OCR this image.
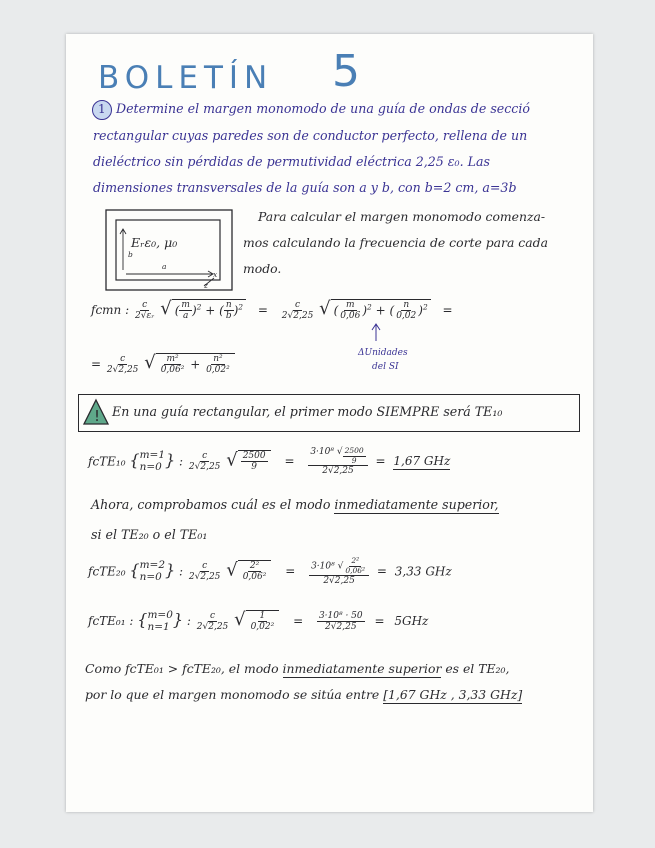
BOLETÍN 5
1 Determine el margen monomodo de una guía de ondas de secció
rectangular cuyas paredes son de conductor perfecto, rellena de un
dieléctrico sin pérdidas de permutividad eléctrica 2,25 ε₀. Las
dimensiones transversales de la guía son a y b, con b=2 cm, a=3b
Eᵣε₀, μ₀
b
a
x
z
Para calcular el margen monomodo comenza-
mos calculando la frecuencia de corte para cada
modo.
fcmn : $\frac{c}{\text{2√εᵣ}}$ √( $\frac{m}{a} )^2$ + ( $\frac{n}{b} )^2 = \frac{c}{2√2,25}$ √( $\frac{m}{0,06} )^2$ + ( $\frac{n}{0,02} )^2$ =
= $\frac{c}{2√2,25}$ √ $\frac{\text{m²}}{\text{0,06²}} + \frac{\text{n²}}{\text{0,02²}}$
ΔUnidades
del SI
! En una guía rectangular, el primer modo SIEMPRE será TE₁₀
fcTE₁₀ { m=1
n=0 } : $\frac{c}{2√2,25}$ √ $\frac{2500}{9} = \frac{3\cdot 10^8 √ \frac{2500}{9}}{2√2,25} = 1,67$ GHz
Ahora, comprobamos cuál es el modo inmediatamente superior,
si el TE₂₀ o el TE₀₁
fcTE₂₀ { m=2
n=0 } : $\frac{c}{2√2,25}$ √ $\frac{\text{2²}}{\text{0,06²}} = \frac{3\cdot 10^8 √ \frac{\text{2²}}{\text{0,06²}}}{2√2,25} = 3,33$ GHz
fcTE₀₁ : { m=0
n=1 } : $\frac{c}{2√2,25}$ √ $\frac{1}{\text{0,02²}} = \frac{\text{3·10⁸ · 50}}{2√2,25} = 5GHz$
Como fcTE₀₁ > fcTE₂₀, el modo inmediatamente superior es el TE₂₀,
por lo que el margen monomodo se sitúa entre [1,67 GHz , 3,33 GHz]
